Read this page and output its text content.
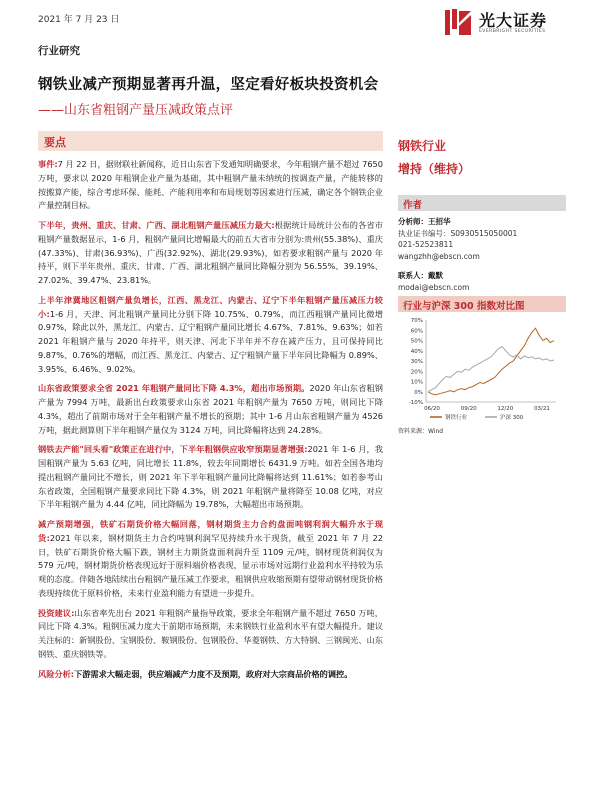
2021 年 7 月 23 日	光大证券
EVERBRIGHT SECURITIES
行业研究
钢铁业减产预期显著再升温，坚定看好板块投资机会
——山东省粗钢产量压减政策点评
要点

事件:7 月 22 日，据财联社新闻称，近日山东省下发通知明确要求，今年粗钢产量不超过 7650 万吨，要求以 2020 年粗钢企业产量为基础，其中粗钢产量未纳统的按调查产量，产能转移的按搬算产能，综合考虑环保、能耗、产能利用率和布局规划等因素进行压减，确定各个钢铁企业产量控制目标。

下半年，贵州、重庆、甘肃、广西、湖北粗钢产量压减压力最大:根据统计局统计公布的各省市粗钢产量数据显示，1-6 月，粗钢产量同比增幅最大的前五大省市分别为:贵州(55.38%)、重庆(47.33%)、甘肃(36.93%)、广西(32.92%)、湖北(29.93%)，如若要求粗钢产量与 2020 年持平，则下半年贵州、重庆、甘肃、广西、湖北粗钢产量同比降幅分别为 56.55%、39.19%、27.02%、39.47%、23.81%。

上半年津冀地区粗钢产量负增长，江西、黑龙江、内蒙古、辽宁下半年粗钢产量压减压力较小:1-6 月，天津、河北粗钢产量同比分别下降 10.75%、0.79%，而江西粗钢产量同比微增 0.97%，除此以外，黑龙江、内蒙古、辽宁粗钢产量同比增长 4.67%、7.81%、9.63%；如若 2021 年粗钢产量与 2020 年持平，则天津、河北下半年并不存在减产压力，且可保持同比 9.87%、0.76%的增幅，而江西、黑龙江、内蒙古、辽宁粗钢产量下半年同比降幅为 0.89%、3.95%、6.46%、9.02%。

山东省政策要求全省 2021 年粗钢产量同比下降 4.3%，超出市场预期。2020 年山东省粗钢产量为 7994 万吨，最新出台政策要求山东省 2021 年粗钢产量为 7650 万吨，则同比下降 4.3%，超出了前期市场对于全年粗钢产量不增长的预期；其中 1-6 月山东省粗钢产量为 4526 万吨，据此测算则下半年粗钢产量仅为 3124 万吨，同比降幅将达到 24.28%。

钢铁去产能"回头看"政策正在进行中，下半年粗钢供应收窄预期显著增强:2021 年 1-6 月，我国粗钢产量为 5.63 亿吨，同比增长 11.8%，较去年同期增长 6431.9 万吨。如若全国各地均提出粗钢产量同比不增长，则 2021 年下半年粗钢产量同比降幅将达到 11.61%；如若参考山东省政策，全国粗钢产量要求同比下降 4.3%，则 2021 年粗钢产量将降至 10.08 亿吨，对应下半年粗钢产量为 4.44 亿吨，同比降幅为 19.78%，大幅超出市场预期。

减产预期增强，铁矿石期货价格大幅回落，钢材期货主力合约盘面吨钢利润大幅升水于现货:2021 年以来，钢材期货主力合约吨钢利润罕见持续升水于现货，截至 2021 年 7 月 22 日，铁矿石期货价格大幅下跌，钢材主力期货盘面利润升至 1109 元/吨，钢材现货利润仅为 579 元/吨，钢材期货价格表现远好于原料端价格表现，显示市场对远期行业盈利水平持较为乐观的态度。伴随各地陆续出台粗钢产量压减工作要求，粗钢供应收缩预期有望带动钢材现货价格表现持续优于原料价格，未来行业盈利能力有望进一步提升。

投资建议:山东省率先出台 2021 年粗钢产量指导政策，要求全年粗钢产量不超过 7650 万吨，同比下降 4.3%。粗钢压减力度大于前期市场预期，未来钢铁行业盈利水平有望大幅提升。建议关注标的：新钢股份、宝钢股份、鞍钢股份、包钢股份、华菱钢铁、方大特钢、三钢闽光、山东钢铁、重庆钢铁等。

风险分析:下游需求大幅走弱，供应端减产力度不及预期，政府对大宗商品价格的调控。

钢铁行业
增持（维持）
作者
分析师：王招华
执业证书编号：S0930515050001
021-52523811
wangzhh@ebscn.com
联系人：戴默
modai@ebscn.com
行业与沪深 300 指数对比图
70%
60%
50%
40%
30%
20%
10%
0%
-10%
06/20	09/20	12/20	03/21
钢铁行业	沪深 300
资料来源：Wind
